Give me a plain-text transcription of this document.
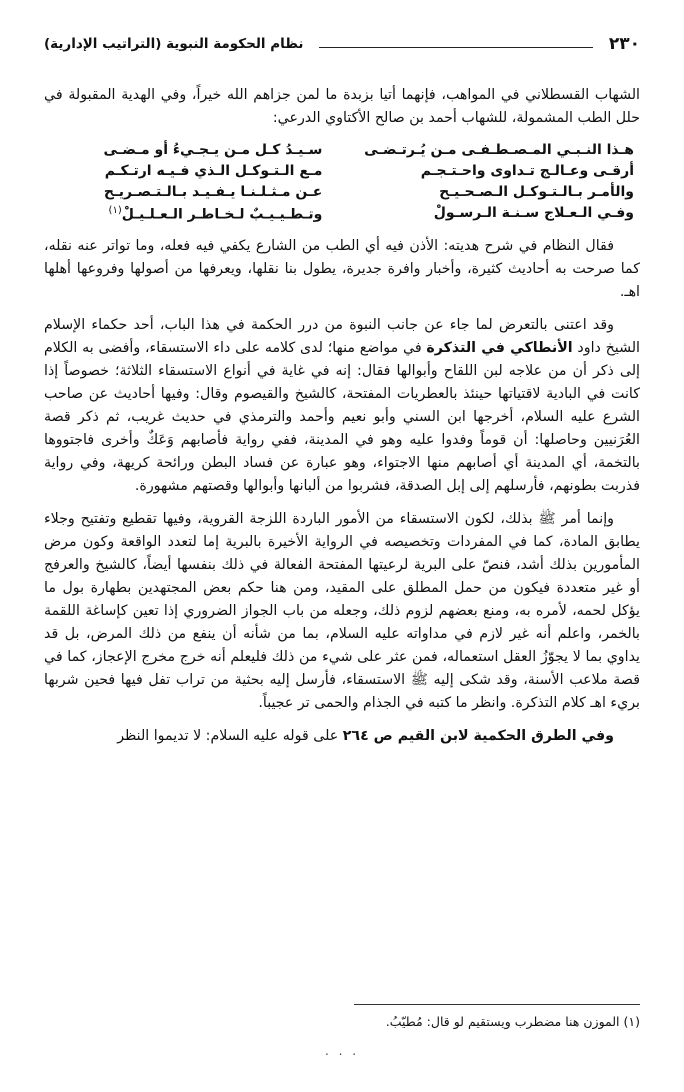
نظام الحكومة النبوية (التراتيب الإدارية)	٢٣٠

الشهاب القسطلاني في المواهب، فإنهما أتيا بزبدة ما لمن جزاهم الله خيراً، وفي الهدية المقبولة في حلل الطب المشمولة، للشهاب أحمد بن صالح الأكتاوي الدرعي:

هـذا النـبـي المـصـطـفـى مـن يُـرتـضـى
سـيـدُ كـل مـن يـجـيءُ أو مـضـى
أرقـى وعـالـج تـداوى واحـتـجـم
مـع الـتـوكـل الـذي فـيـه ارتـكـم
والأمـر بـالـتـوكـل الـصـحـيـح
عـن مـثـلـنـا يـفـيـد بـالـتـصـريـح
وفـي الـعـلاج سـنـة الـرسـولْ
وتـطـيـيـبٌ لـخـاطـر الـعـلـيـلْ$^{(١)}$

فقال النظام في شرح هديته: الأذن فيه أي الطب من الشارع يكفي فيه فعله، وما تواتر عنه نقله، كما صرحت به أحاديث كثيرة، وأخبار وافرة جديرة، يطول بنا نقلها، ويعرفها من أصولها وفروعها أهلها اهـ.

وقد اعتنى بالتعرض لما جاء عن جانب النبوة من درر الحكمة في هذا الباب، أحد حكماء الإسلام الشيخ داود الأنطاكي في التذكرة في مواضع منها؛ لدى كلامه على داء الاستسقاء، وأفضى به الكلام إلى ذكر أن من علاجه لبن اللقاح وأبوالها فقال: إنه في غاية في أنواع الاستسقاء الثلاثة؛ خصوصاً إذا كانت في البادية لاقتياتها حينئذ بالعطريات المفتحة، كالشيخ والقيصوم وقال: وفيها أحاديث عن صاحب الشرع عليه السلام، أخرجها ابن السني وأبو نعيم وأحمد والترمذي في حديث غريب، ثم ذكر قصة العُرَنيين وحاصلها: أن قوماً وفدوا عليه وهو في المدينة، ففي رواية فأصابهم وَعَكٌ وأخرى فاجتووها بالتخمة، أي المدينة أي أصابهم منها الاجتواء، وهو عبارة عن فساد البطن ورائحة كريهة، وفي رواية فذربت بطونهم، فأرسلهم إلى إبل الصدقة، فشربوا من ألبانها وأبوالها وقصتهم مشهورة.

وإنما أمر ﷺ بذلك، لكون الاستسقاء من الأمور الباردة اللزجة القروية، وفيها تقطيع وتفتيح وجلاء يطابق المادة، كما في المفردات وتخصيصه في الرواية الأخيرة بالبرية إما لتعدد الواقعة وكون مرض المأمورين بذلك أشد، فنصّ على البرية لرعيتها المفتحة الفعالة في ذلك بنفسها أيضاً، كالشيخ والعرفج أو غير متعددة فيكون من حمل المطلق على المقيد، ومن هنا حكم بعض المجتهدين بطهارة بول ما يؤكل لحمه، لأمره به، ومنع بعضهم لزوم ذلك، وجعله من باب الجواز الضروري إذا تعين كإساغة اللقمة بالخمر، واعلم أنه غير لازم في مداواته عليه السلام، بما من شأنه أن ينفع من ذلك المرض، بل قد يداوي بما لا يجوّزُ العقل استعماله، فمن عثر على شيء من ذلك فليعلم أنه خرج مخرج الإعجاز، كما في قصة ملاعب الأسنة، وقد شكى إليه ﷺ الاستسقاء، فأرسل إليه بحثية من تراب تفل فيها فحين شربها بريء اهـ كلام التذكرة. وانظر ما كتبه في الجذام والحمى تر عجيباً.

وفي الطرق الحكمية لابن القيم ص ٢٦٤ على قوله عليه السلام: لا تديموا النظر

(١) الموزن هنا مضطرب ويستقيم لو قال: مُطيّبُ.
. . .
